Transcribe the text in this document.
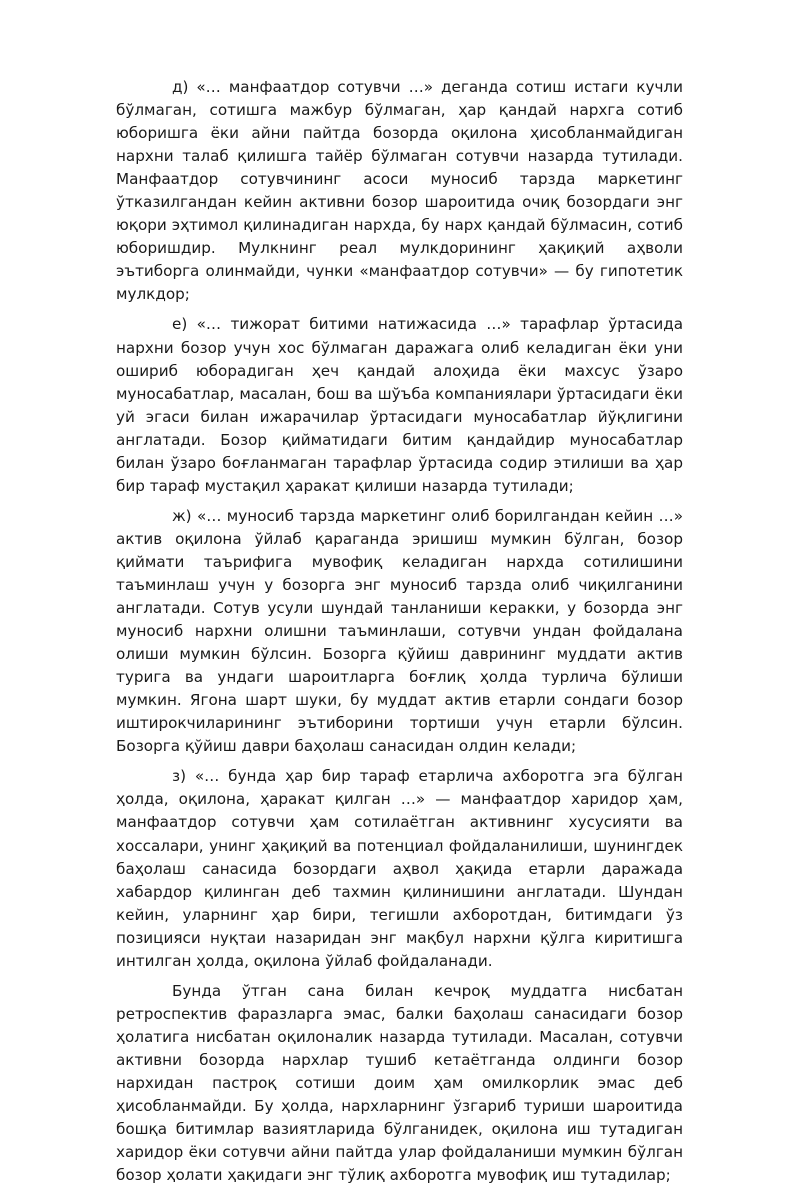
д) «… манфаатдор сотувчи …» деганда сотиш истаги кучли бўлмаган, сотишга мажбур бўлмаган, ҳар қандай нархга сотиб юборишга ёки айни пайтда бозорда оқилона ҳисобланмайдиган нархни талаб қилишга тайёр бўлмаган сотувчи назарда тутилади. Манфаатдор сотувчининг асоси муносиб тарзда маркетинг ўтказилгандан кейин активни бозор шароитида очиқ бозордаги энг юқори эҳтимол қилинадиган нархда, бу нарх қандай бўлмасин, сотиб юборишдир. Мулкнинг реал мулкдорининг ҳақиқий аҳволи эътиборга олинмайди, чунки «манфаатдор сотувчи» — бу гипотетик мулкдор;

е) «… тижорат битими натижасида …» тарафлар ўртасида нархни бозор учун хос бўлмаган даражага олиб келадиган ёки уни ошириб юборадиган ҳеч қандай алоҳида ёки махсус ўзаро муносабатлар, масалан, бош ва шўъба компаниялари ўртасидаги ёки уй эгаси билан ижарачилар ўртасидаги муносабатлар йўқлигини англатади. Бозор қийматидаги битим қандайдир муносабатлар билан ўзаро боғланмаган тарафлар ўртасида содир этилиши ва ҳар бир тараф мустақил ҳаракат қилиши назарда тутилади;

ж) «… муносиб тарзда маркетинг олиб борилгандан кейин …» актив оқилона ўйлаб қараганда эришиш мумкин бўлган, бозор қиймати таърифига мувофиқ келадиган нархда сотилишини таъминлаш учун у бозорга энг муносиб тарзда олиб чиқилганини англатади. Сотув усули шундай танланиши керакки, у бозорда энг муносиб нархни олишни таъминлаши, сотувчи ундан фойдалана олиши мумкин бўлсин. Бозорга қўйиш даврининг муддати актив турига ва ундаги шароитларга боғлиқ ҳолда турлича бўлиши мумкин. Ягона шарт шуки, бу муддат актив етарли сондаги бозор иштирокчиларининг эътиборини тортиши учун етарли бўлсин. Бозорга қўйиш даври баҳолаш санасидан олдин келади;

з) «… бунда ҳар бир тараф етарлича ахборотга эга бўлган ҳолда, оқилона, ҳаракат қилган …» — манфаатдор харидор ҳам, манфаатдор сотувчи ҳам сотилаётган активнинг хусусияти ва хоссалари, унинг ҳақиқий ва потенциал фойдаланилиши, шунингдек баҳолаш санасида бозордаги аҳвол ҳақида етарли даражада хабардор қилинган деб тахмин қилинишини англатади. Шундан кейин, уларнинг ҳар бири, тегишли ахборотдан, битимдаги ўз позицияси нуқтаи назаридан энг мақбул нархни қўлга киритишга интилган ҳолда, оқилона ўйлаб фойдаланади.

Бунда ўтган сана билан кечроқ муддатга нисбатан ретроспектив фаразларга эмас, балки баҳолаш санасидаги бозор ҳолатига нисбатан оқилоналик назарда тутилади. Масалан, сотувчи активни бозорда нархлар тушиб кетаётганда олдинги бозор нархидан пастроқ сотиши доим ҳам омилкорлик эмас деб ҳисобланмайди. Бу ҳолда, нархларнинг ўзгариб туриши шароитида бошқа битимлар вазиятларида бўлганидек, оқилона иш тутадиган харидор ёки сотувчи айни пайтда улар фойдаланиши мумкин бўлган бозор ҳолати ҳақидаги энг тўлиқ ахборотга мувофиқ иш тутадилар;
